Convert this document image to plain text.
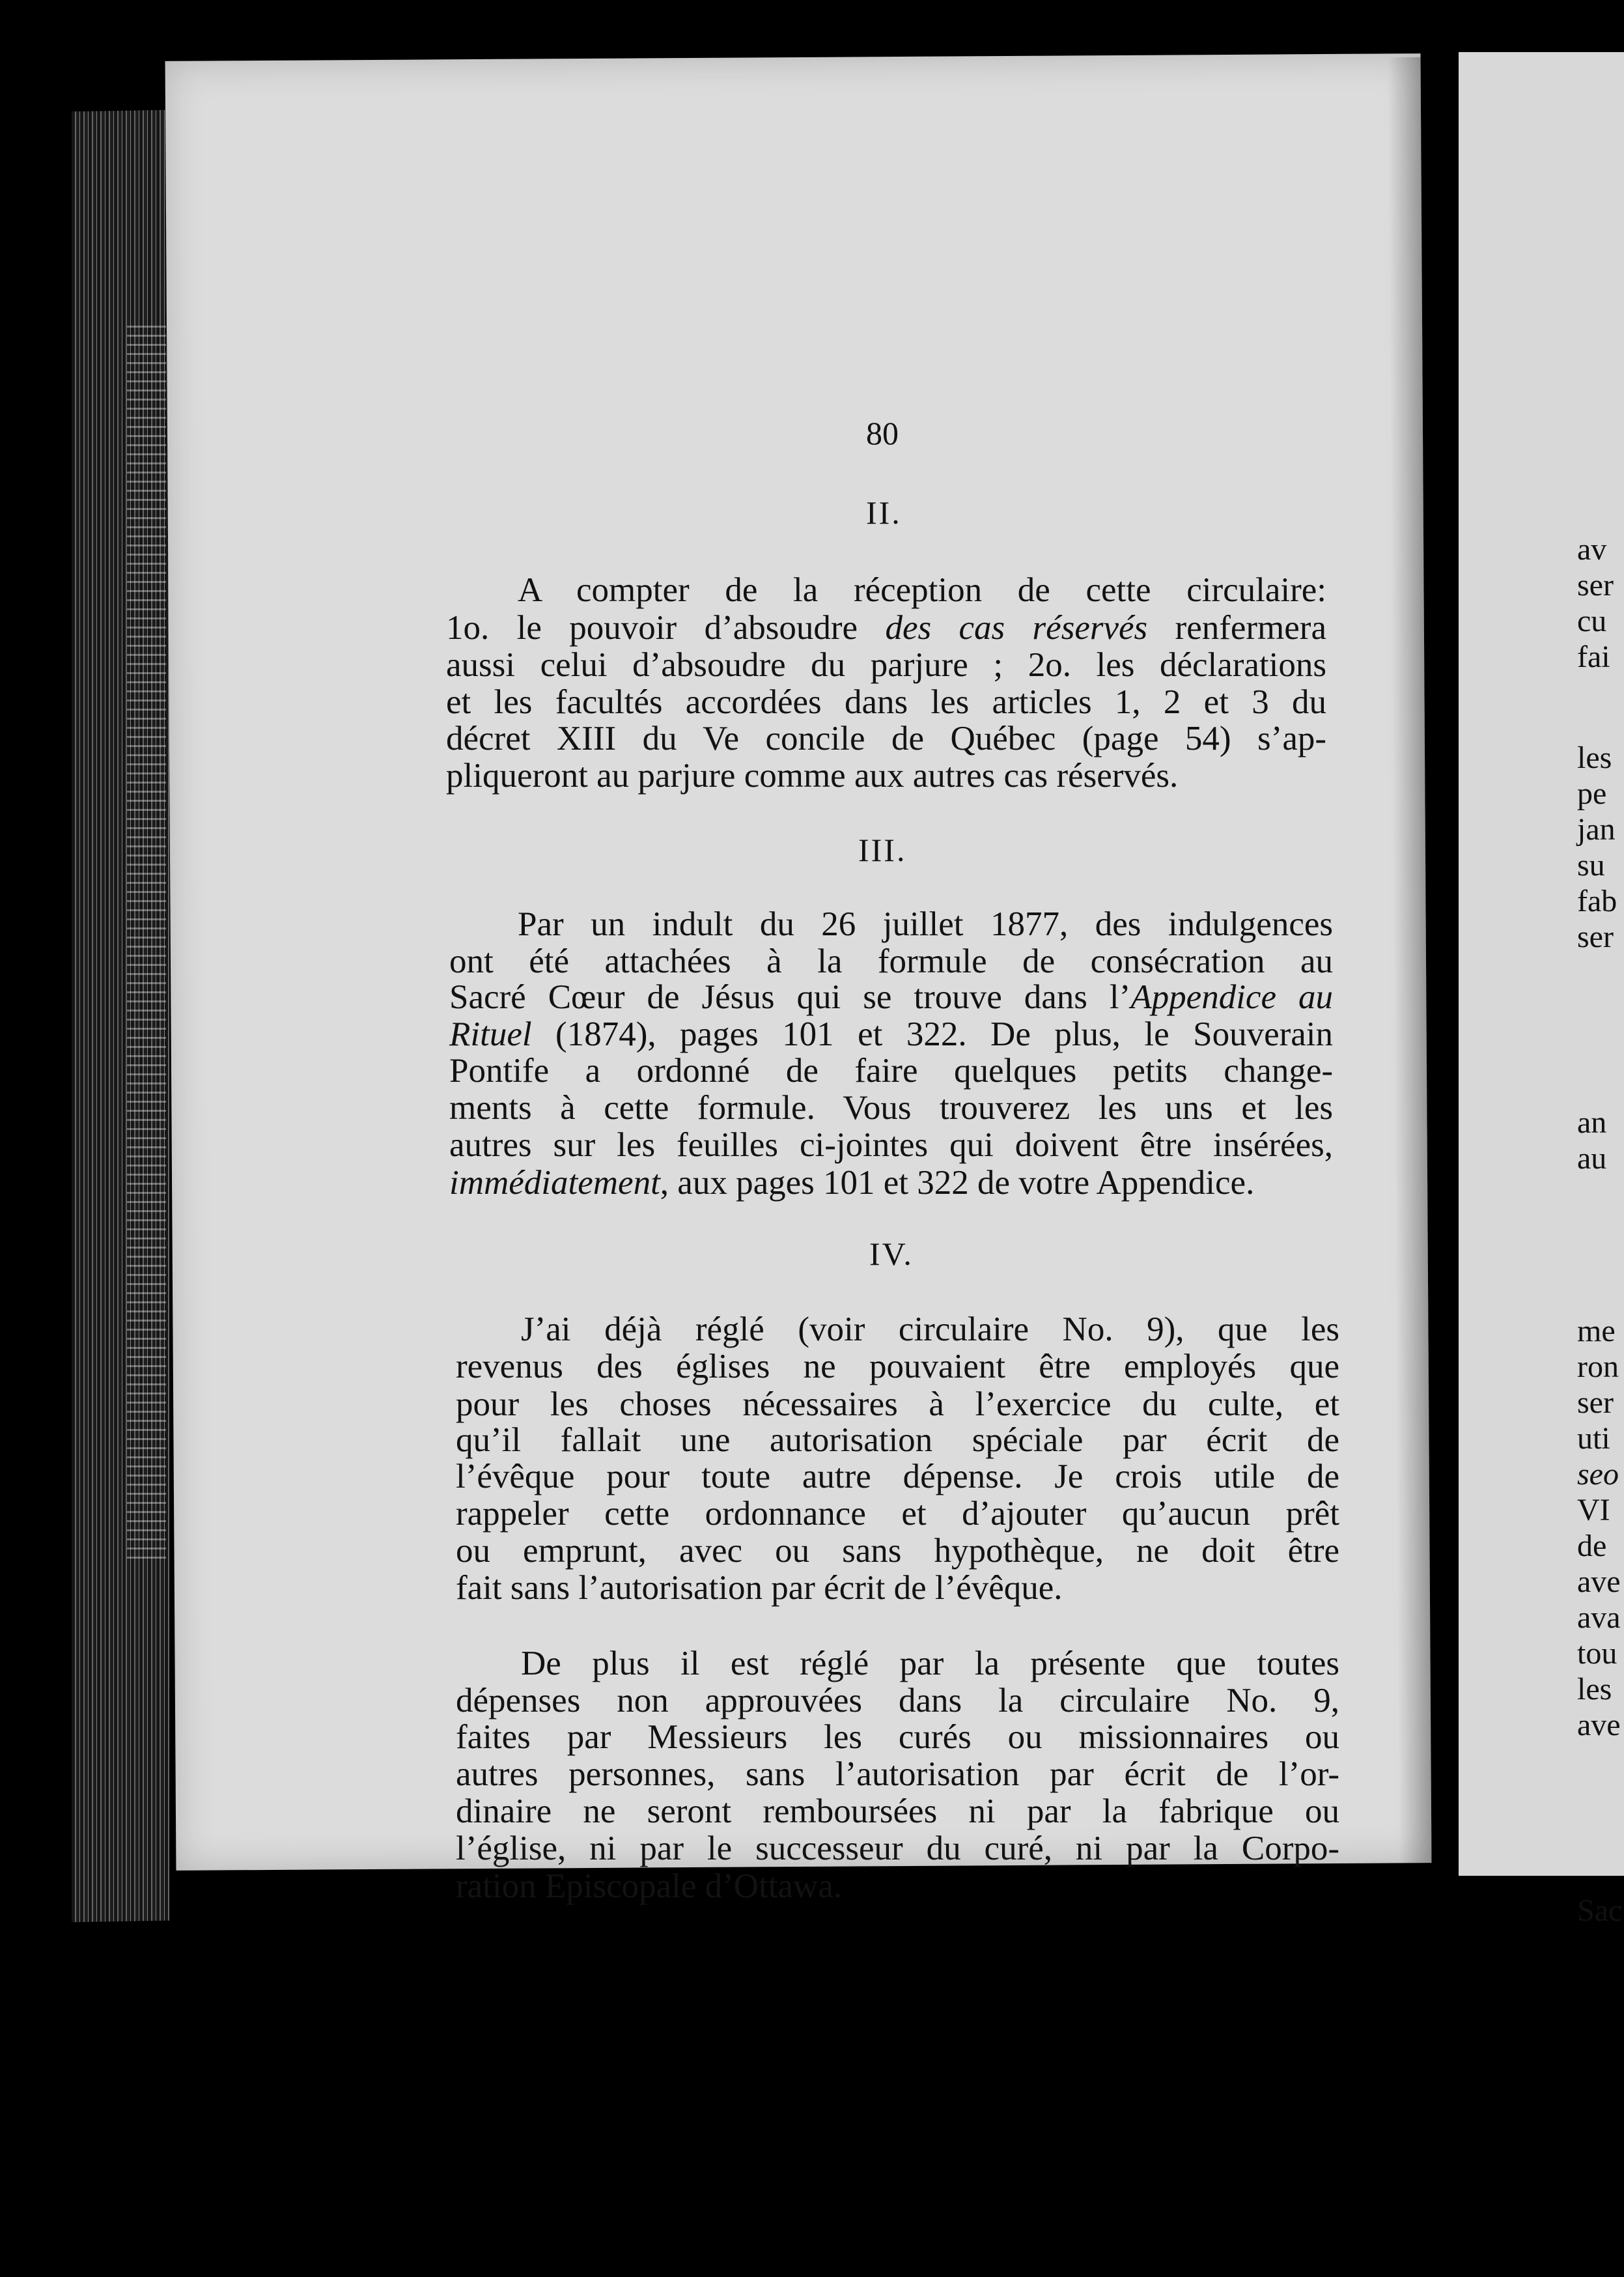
80
II.
A compter de la réception de cette circulaire:
1o. le pouvoir d’absoudre des cas réservés renfermera
aussi celui d’absoudre du parjure ; 2o. les déclarations
et les facultés accordées dans les articles 1, 2 et 3 du
décret XIII du Ve concile de Québec (page 54) s’ap-
pliqueront au parjure comme aux autres cas réservés.
III.
Par un indult du 26 juillet 1877, des indulgences
ont été attachées à la formule de consécration au
Sacré Cœur de Jésus qui se trouve dans l’Appendice au
Rituel (1874), pages 101 et 322. De plus, le Souverain
Pontife a ordonné de faire quelques petits change-
ments à cette formule. Vous trouverez les uns et les
autres sur les feuilles ci-jointes qui doivent être insérées,
immédiatement, aux pages 101 et 322 de votre Appendice.
IV.
J’ai déjà réglé (voir circulaire No. 9), que les
revenus des églises ne pouvaient être employés que
pour les choses nécessaires à l’exercice du culte, et
qu’il fallait une autorisation spéciale par écrit de
l’évêque pour toute autre dépense. Je crois utile de
rappeler cette ordonnance et d’ajouter qu’aucun prêt
ou emprunt, avec ou sans hypothèque, ne doit être
fait sans l’autorisation par écrit de l’évêque.
De plus il est réglé par la présente que toutes
dépenses non approuvées dans la circulaire No. 9,
faites par Messieurs les curés ou missionnaires ou
autres personnes, sans l’autorisation par écrit de l’or-
dinaire ne seront remboursées ni par la fabrique ou
l’église, ni par le successeur du curé, ni par la Corpo-
ration Episcopale d’Ottawa.
av
ser
cu
fai
les
pe
jan
su
fab
ser
an
au
me
ron
ser
uti
seo
VI
de
ave
ava
tou
les
ave
Sac
